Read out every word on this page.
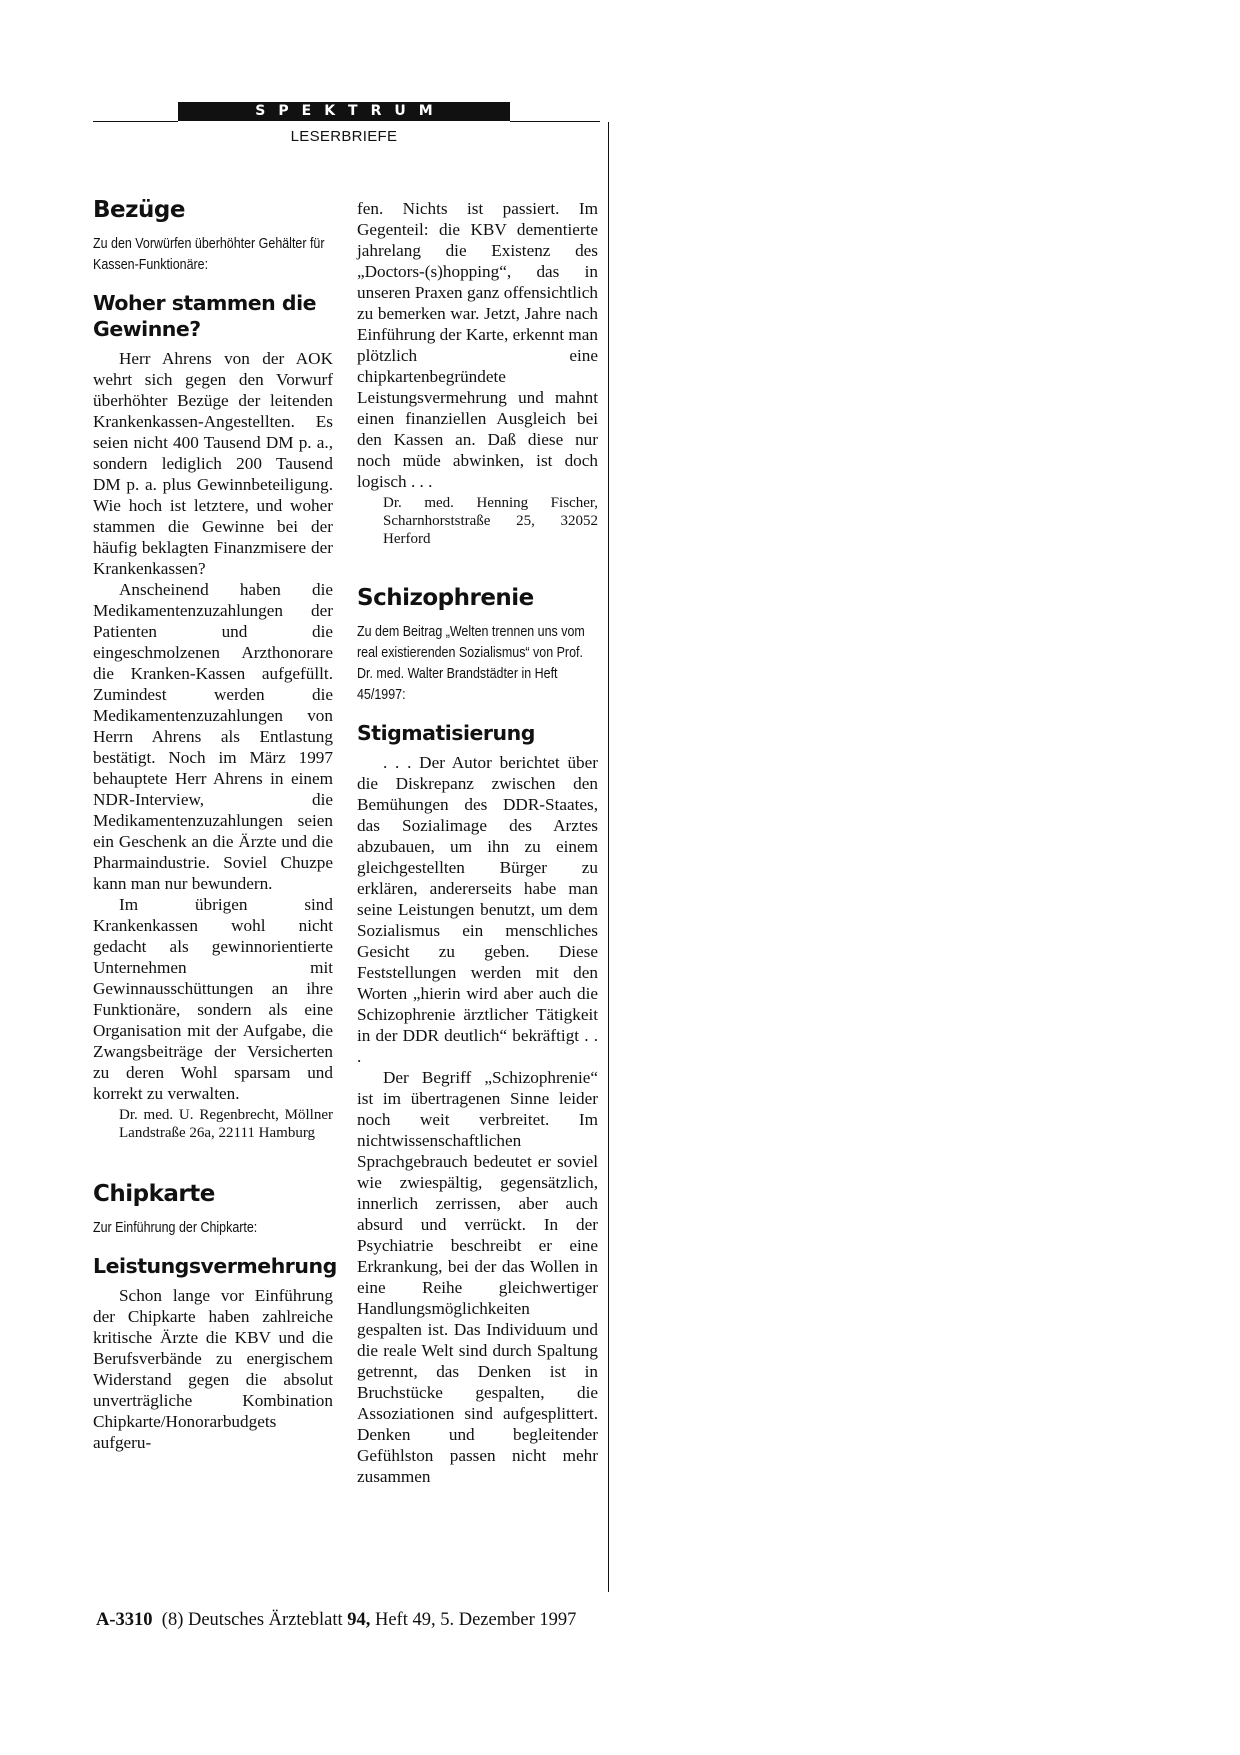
SPEKTRUM
LESERBRIEFE
Bezüge
Zu den Vorwürfen überhöhter Gehälter für Kassen-Funktionäre:
Woher stammen die Gewinne?

Herr Ahrens von der AOK wehrt sich gegen den Vorwurf überhöhter Bezüge der leitenden Krankenkassen-Angestellten. Es seien nicht 400 Tausend DM p. a., sondern lediglich 200 Tausend DM p. a. plus Gewinnbeteiligung. Wie hoch ist letztere, und woher stammen die Gewinne bei der häufig beklagten Finanzmisere der Krankenkassen?

Anscheinend haben die Medikamentenzuzahlungen der Patienten und die eingeschmolzenen Arzthonorare die Kranken-Kassen aufgefüllt. Zumindest werden die Medikamentenzuzahlungen von Herrn Ahrens als Entlastung bestätigt. Noch im März 1997 behauptete Herr Ahrens in einem NDR-Interview, die Medikamentenzuzahlungen seien ein Geschenk an die Ärzte und die Pharmaindustrie. Soviel Chuzpe kann man nur bewundern.

Im übrigen sind Krankenkassen wohl nicht gedacht als gewinnorientierte Unternehmen mit Gewinnausschüttungen an ihre Funktionäre, sondern als eine Organisation mit der Aufgabe, die Zwangsbeiträge der Versicherten zu deren Wohl sparsam und korrekt zu verwalten.

Dr. med. U. Regenbrecht, Möllner Landstraße 26a, 22111 Hamburg
Chipkarte
Zur Einführung der Chipkarte:
Leistungsvermehrung

Schon lange vor Einführung der Chipkarte haben zahlreiche kritische Ärzte die KBV und die Berufsverbände zu energischem Widerstand gegen die absolut unverträgliche Kombination Chipkarte/Honorarbudgets aufgeru-

fen. Nichts ist passiert. Im Gegenteil: die KBV dementierte jahrelang die Existenz des „Doctors-(s)hopping“, das in unseren Praxen ganz offensichtlich zu bemerken war. Jetzt, Jahre nach Einführung der Karte, erkennt man plötzlich eine chipkartenbegründete Leistungsvermehrung und mahnt einen finanziellen Ausgleich bei den Kassen an. Daß diese nur noch müde abwinken, ist doch logisch . . .

Dr. med. Henning Fischer, Scharnhorststraße 25, 32052 Herford
Schizophrenie
Zu dem Beitrag „Welten trennen uns vom real existierenden Sozialismus“ von Prof. Dr. med. Walter Brandstädter in Heft 45/1997:
Stigmatisierung

. . . Der Autor berichtet über die Diskrepanz zwischen den Bemühungen des DDR-Staates, das Sozialimage des Arztes abzubauen, um ihn zu einem gleichgestellten Bürger zu erklären, andererseits habe man seine Leistungen benutzt, um dem Sozialismus ein menschliches Gesicht zu geben. Diese Feststellungen werden mit den Worten „hierin wird aber auch die Schizophrenie ärztlicher Tätigkeit in der DDR deutlich“ bekräftigt . . .

Der Begriff „Schizophrenie“ ist im übertragenen Sinne leider noch weit verbreitet. Im nichtwissenschaftlichen Sprachgebrauch bedeutet er soviel wie zwiespältig, gegensätzlich, innerlich zerrissen, aber auch absurd und verrückt. In der Psychiatrie beschreibt er eine Erkrankung, bei der das Wollen in eine Reihe gleichwertiger Handlungsmöglichkeiten gespalten ist. Das Individuum und die reale Welt sind durch Spaltung getrennt, das Denken ist in Bruchstücke gespalten, die Assoziationen sind aufgesplittert. Denken und begleitender Gefühlston passen nicht mehr zusammen

A-3310 (8) Deutsches Ärzteblatt 94, Heft 49, 5. Dezember 1997
